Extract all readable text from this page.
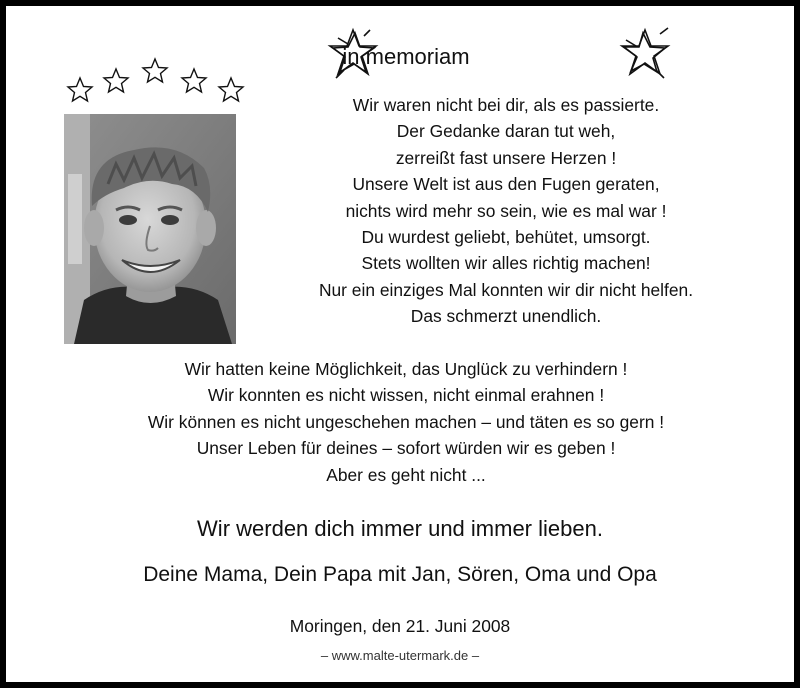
in memoriam
Wir waren nicht bei dir, als es passierte.
Der Gedanke daran tut weh,
zerreißt fast unsere Herzen !
Unsere Welt ist aus den Fugen geraten,
nichts wird mehr so sein, wie es mal war !
Du wurdest geliebt, behütet, umsorgt.
Stets wollten wir alles richtig machen!
Nur ein einziges Mal konnten wir dir nicht helfen.
Das schmerzt unendlich.
Wir hatten keine Möglichkeit, das Unglück zu verhindern !
Wir konnten es nicht wissen, nicht einmal erahnen !
Wir können es nicht ungeschehen machen – und täten es so gern !
Unser Leben für deines – sofort würden wir es geben !
Aber es geht nicht ...
Wir werden dich immer und immer lieben.
Deine Mama, Dein Papa mit Jan, Sören, Oma und Opa
Moringen, den 21. Juni 2008
– www.malte-utermark.de –
